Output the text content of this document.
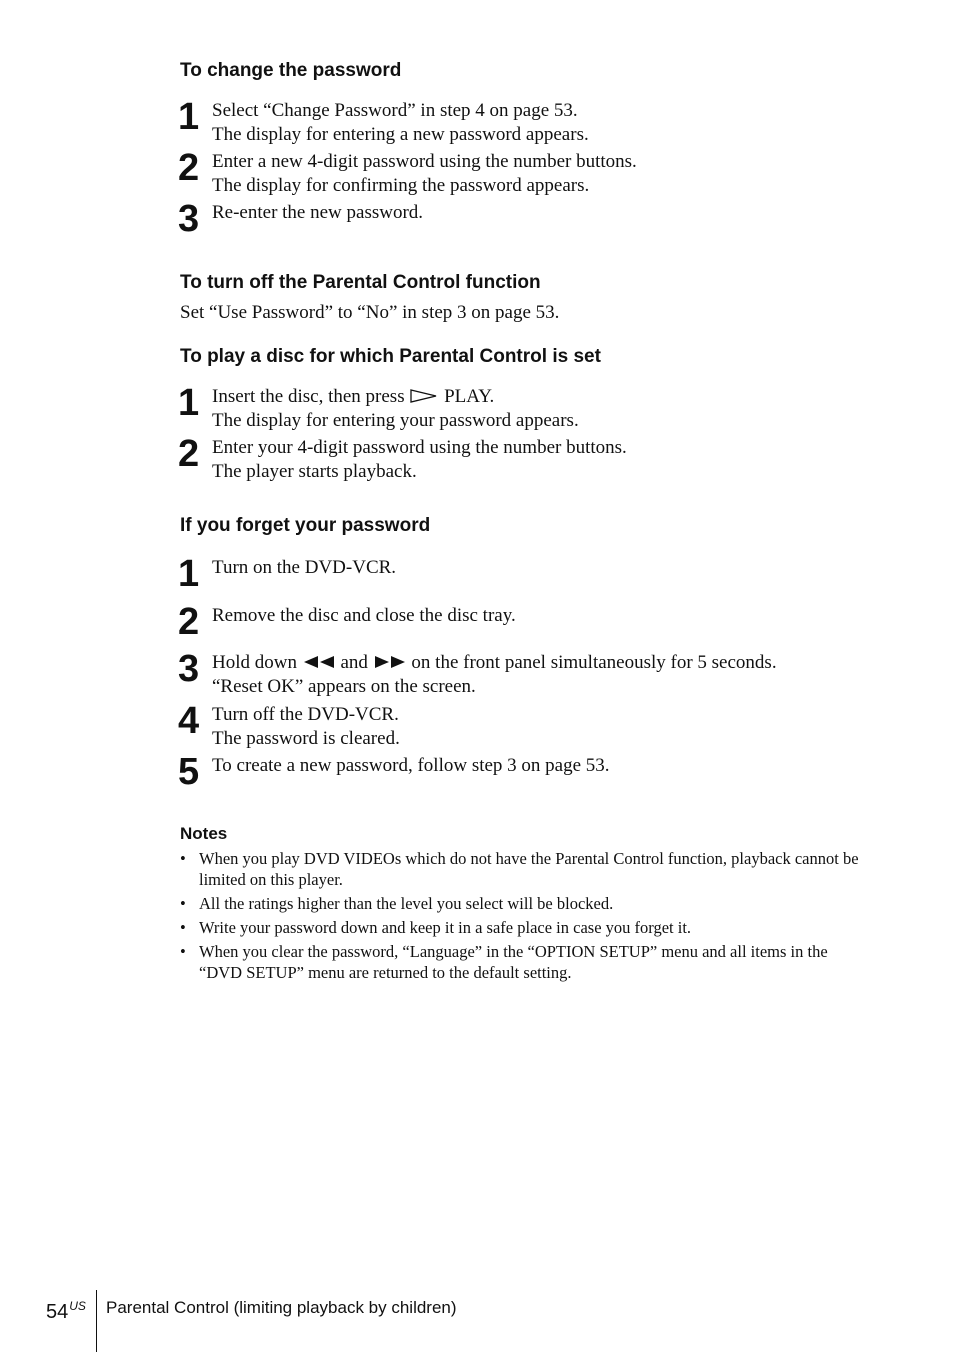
To change the password
1 Select “Change Password” in step 4 on page 53.
The display for entering a new password appears.
2 Enter a new 4-digit password using the number buttons.
The display for confirming the password appears.
3 Re-enter the new password.
To turn off the Parental Control function

Set “Use Password” to “No” in step 3 on page 53.

To play a disc for which Parental Control is set
1 Insert the disc, then press PLAY.
The display for entering your password appears.
2 Enter your 4-digit password using the number buttons.
The player starts playback.
If you forget your password
1 Turn on the DVD-VCR.
2 Remove the disc and close the disc tray.
3 Hold down and on the front panel simultaneously for 5 seconds.
“Reset OK” appears on the screen.
4 Turn off the DVD-VCR.
The password is cleared.
5 To create a new password, follow step 3 on page 53.
Notes
• When you play DVD VIDEOs which do not have the Parental Control function, playback cannot be limited on this player.
• All the ratings higher than the level you select will be blocked.
• Write your password down and keep it in a safe place in case you forget it.
• When you clear the password, “Language” in the “OPTION SETUP” menu and all items in the “DVD SETUP” menu are returned to the default setting.
$54^{US}$ Parental Control (limiting playback by children)
